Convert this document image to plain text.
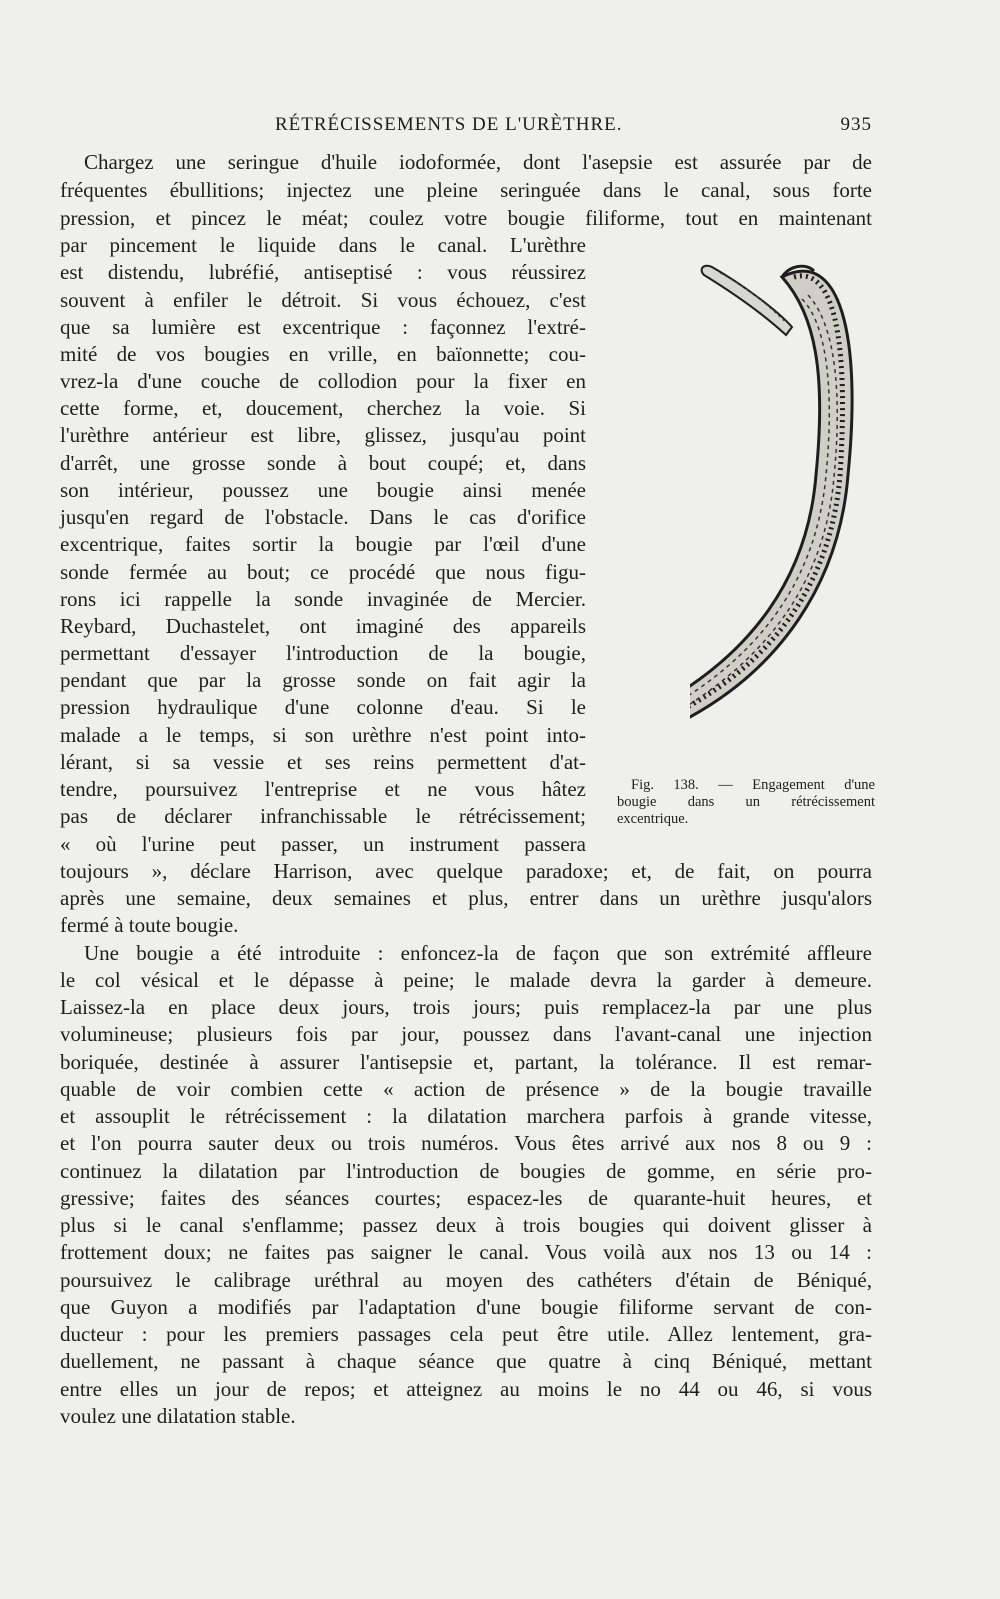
RÉTRÉCISSEMENTS DE L'URÈTHRE.	935
Chargez une seringue d'huile iodoformée, dont l'asepsie est assurée par de
fréquentes ébullitions; injectez une pleine seringuée dans le canal, sous forte
pression, et pincez le méat; coulez votre bougie filiforme, tout en maintenant
par pincement le liquide dans le canal. L'urèthre
est distendu, lubréfié, antiseptisé : vous réussirez
souvent à enfiler le détroit. Si vous échouez, c'est
que sa lumière est excentrique : façonnez l'extré-
mité de vos bougies en vrille, en baïonnette; cou-
vrez-la d'une couche de collodion pour la fixer en
cette forme, et, doucement, cherchez la voie. Si
l'urèthre antérieur est libre, glissez, jusqu'au point
d'arrêt, une grosse sonde à bout coupé; et, dans
son intérieur, poussez une bougie ainsi menée
jusqu'en regard de l'obstacle. Dans le cas d'orifice
excentrique, faites sortir la bougie par l'œil d'une
sonde fermée au bout; ce procédé que nous figu-
rons ici rappelle la sonde invaginée de Mercier.
Reybard, Duchastelet, ont imaginé des appareils
permettant d'essayer l'introduction de la bougie,
pendant que par la grosse sonde on fait agir la
pression hydraulique d'une colonne d'eau. Si le
malade a le temps, si son urèthre n'est point into-
lérant, si sa vessie et ses reins permettent d'at-
tendre, poursuivez l'entreprise et ne vous hâtez
pas de déclarer infranchissable le rétrécissement;
« où l'urine peut passer, un instrument passera
toujours », déclare Harrison, avec quelque paradoxe; et, de fait, on pourra
après une semaine, deux semaines et plus, entrer dans un urèthre jusqu'alors
fermé à toute bougie.
Une bougie a été introduite : enfoncez-la de façon que son extrémité affleure
le col vésical et le dépasse à peine; le malade devra la garder à demeure.
Laissez-la en place deux jours, trois jours; puis remplacez-la par une plus
volumineuse; plusieurs fois par jour, poussez dans l'avant-canal une injection
boriquée, destinée à assurer l'antisepsie et, partant, la tolérance. Il est remar-
quable de voir combien cette « action de présence » de la bougie travaille
et assouplit le rétrécissement : la dilatation marchera parfois à grande vitesse,
et l'on pourra sauter deux ou trois numéros. Vous êtes arrivé aux nos 8 ou 9 :
continuez la dilatation par l'introduction de bougies de gomme, en série pro-
gressive; faites des séances courtes; espacez-les de quarante-huit heures, et
plus si le canal s'enflamme; passez deux à trois bougies qui doivent glisser à
frottement doux; ne faites pas saigner le canal. Vous voilà aux nos 13 ou 14 :
poursuivez le calibrage uréthral au moyen des cathéters d'étain de Béniqué,
que Guyon a modifiés par l'adaptation d'une bougie filiforme servant de con-
ducteur : pour les premiers passages cela peut être utile. Allez lentement, gra-
duellement, ne passant à chaque séance que quatre à cinq Béniqué, mettant
entre elles un jour de repos; et atteignez au moins le no 44 ou 46, si vous
voulez une dilatation stable.
Fig. 138. — Engagement d'une
bougie dans un rétrécissement
excentrique.
